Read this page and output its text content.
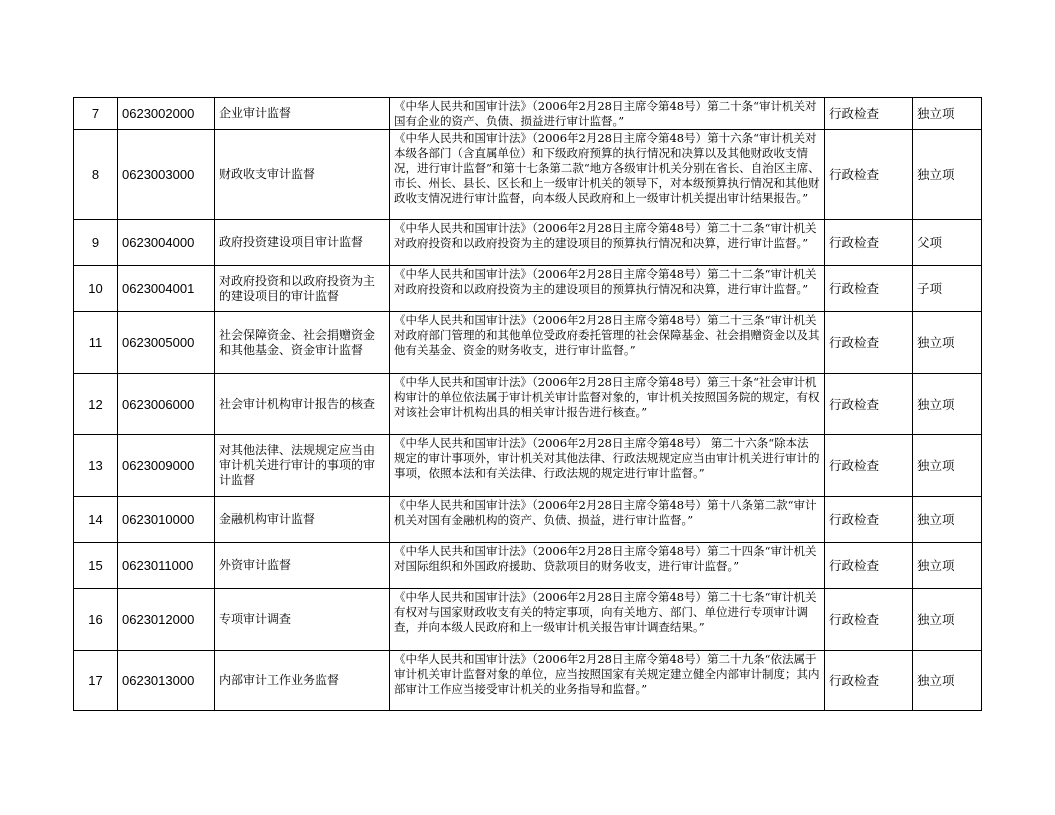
7	0623002000	企业审计监督	《中华人民共和国审计法》（2006年2月28日主席令第48号）第二十条“审计机关对国有企业的资产、负债、损益进行审计监督。”	行政检查	独立项
8	0623003000	财政收支审计监督	《中华人民共和国审计法》（2006年2月28日主席令第48号）第十六条“审计机关对本级各部门（含直属单位）和下级政府预算的执行情况和决算以及其他财政收支情况，进行审计监督”和第十七条第二款“地方各级审计机关分别在省长、自治区主席、市长、州长、县长、区长和上一级审计机关的领导下，对本级预算执行情况和其他财政收支情况进行审计监督，向本级人民政府和上一级审计机关提出审计结果报告。”	行政检查	独立项
9	0623004000	政府投资建设项目审计监督	《中华人民共和国审计法》（2006年2月28日主席令第48号）第二十二条“审计机关对政府投资和以政府投资为主的建设项目的预算执行情况和决算，进行审计监督。”	行政检查	父项
10	0623004001	对政府投资和以政府投资为主的建设项目的审计监督	《中华人民共和国审计法》（2006年2月28日主席令第48号）第二十二条“审计机关对政府投资和以政府投资为主的建设项目的预算执行情况和决算，进行审计监督。”	行政检查	子项
11	0623005000	社会保障资金、社会捐赠资金和其他基金、资金审计监督	《中华人民共和国审计法》（2006年2月28日主席令第48号）第二十三条“审计机关对政府部门管理的和其他单位受政府委托管理的社会保障基金、社会捐赠资金以及其他有关基金、资金的财务收支，进行审计监督。”	行政检查	独立项
12	0623006000	社会审计机构审计报告的核查	《中华人民共和国审计法》（2006年2月28日主席令第48号）第三十条“社会审计机构审计的单位依法属于审计机关审计监督对象的，审计机关按照国务院的规定，有权对该社会审计机构出具的相关审计报告进行核查。”	行政检查	独立项
13	0623009000	对其他法律、法规规定应当由审计机关进行审计的事项的审计监督	《中华人民共和国审计法》（2006年2月28日主席令第48号） 第二十六条“除本法规定的审计事项外，审计机关对其他法律、行政法规规定应当由审计机关进行审计的事项，依照本法和有关法律、行政法规的规定进行审计监督。”	行政检查	独立项
14	0623010000	金融机构审计监督	《中华人民共和国审计法》（2006年2月28日主席令第48号）第十八条第二款“审计机关对国有金融机构的资产、负债、损益，进行审计监督。”	行政检查	独立项
15	0623011000	外资审计监督	《中华人民共和国审计法》（2006年2月28日主席令第48号）第二十四条“审计机关对国际组织和外国政府援助、贷款项目的财务收支，进行审计监督。”	行政检查	独立项
16	0623012000	专项审计调查	《中华人民共和国审计法》（2006年2月28日主席令第48号）第二十七条“审计机关有权对与国家财政收支有关的特定事项，向有关地方、部门、单位进行专项审计调查，并向本级人民政府和上一级审计机关报告审计调查结果。”	行政检查	独立项
17	0623013000	内部审计工作业务监督	《中华人民共和国审计法》（2006年2月28日主席令第48号）第二十九条“依法属于审计机关审计监督对象的单位，应当按照国家有关规定建立健全内部审计制度；其内部审计工作应当接受审计机关的业务指导和监督。”	行政检查	独立项
